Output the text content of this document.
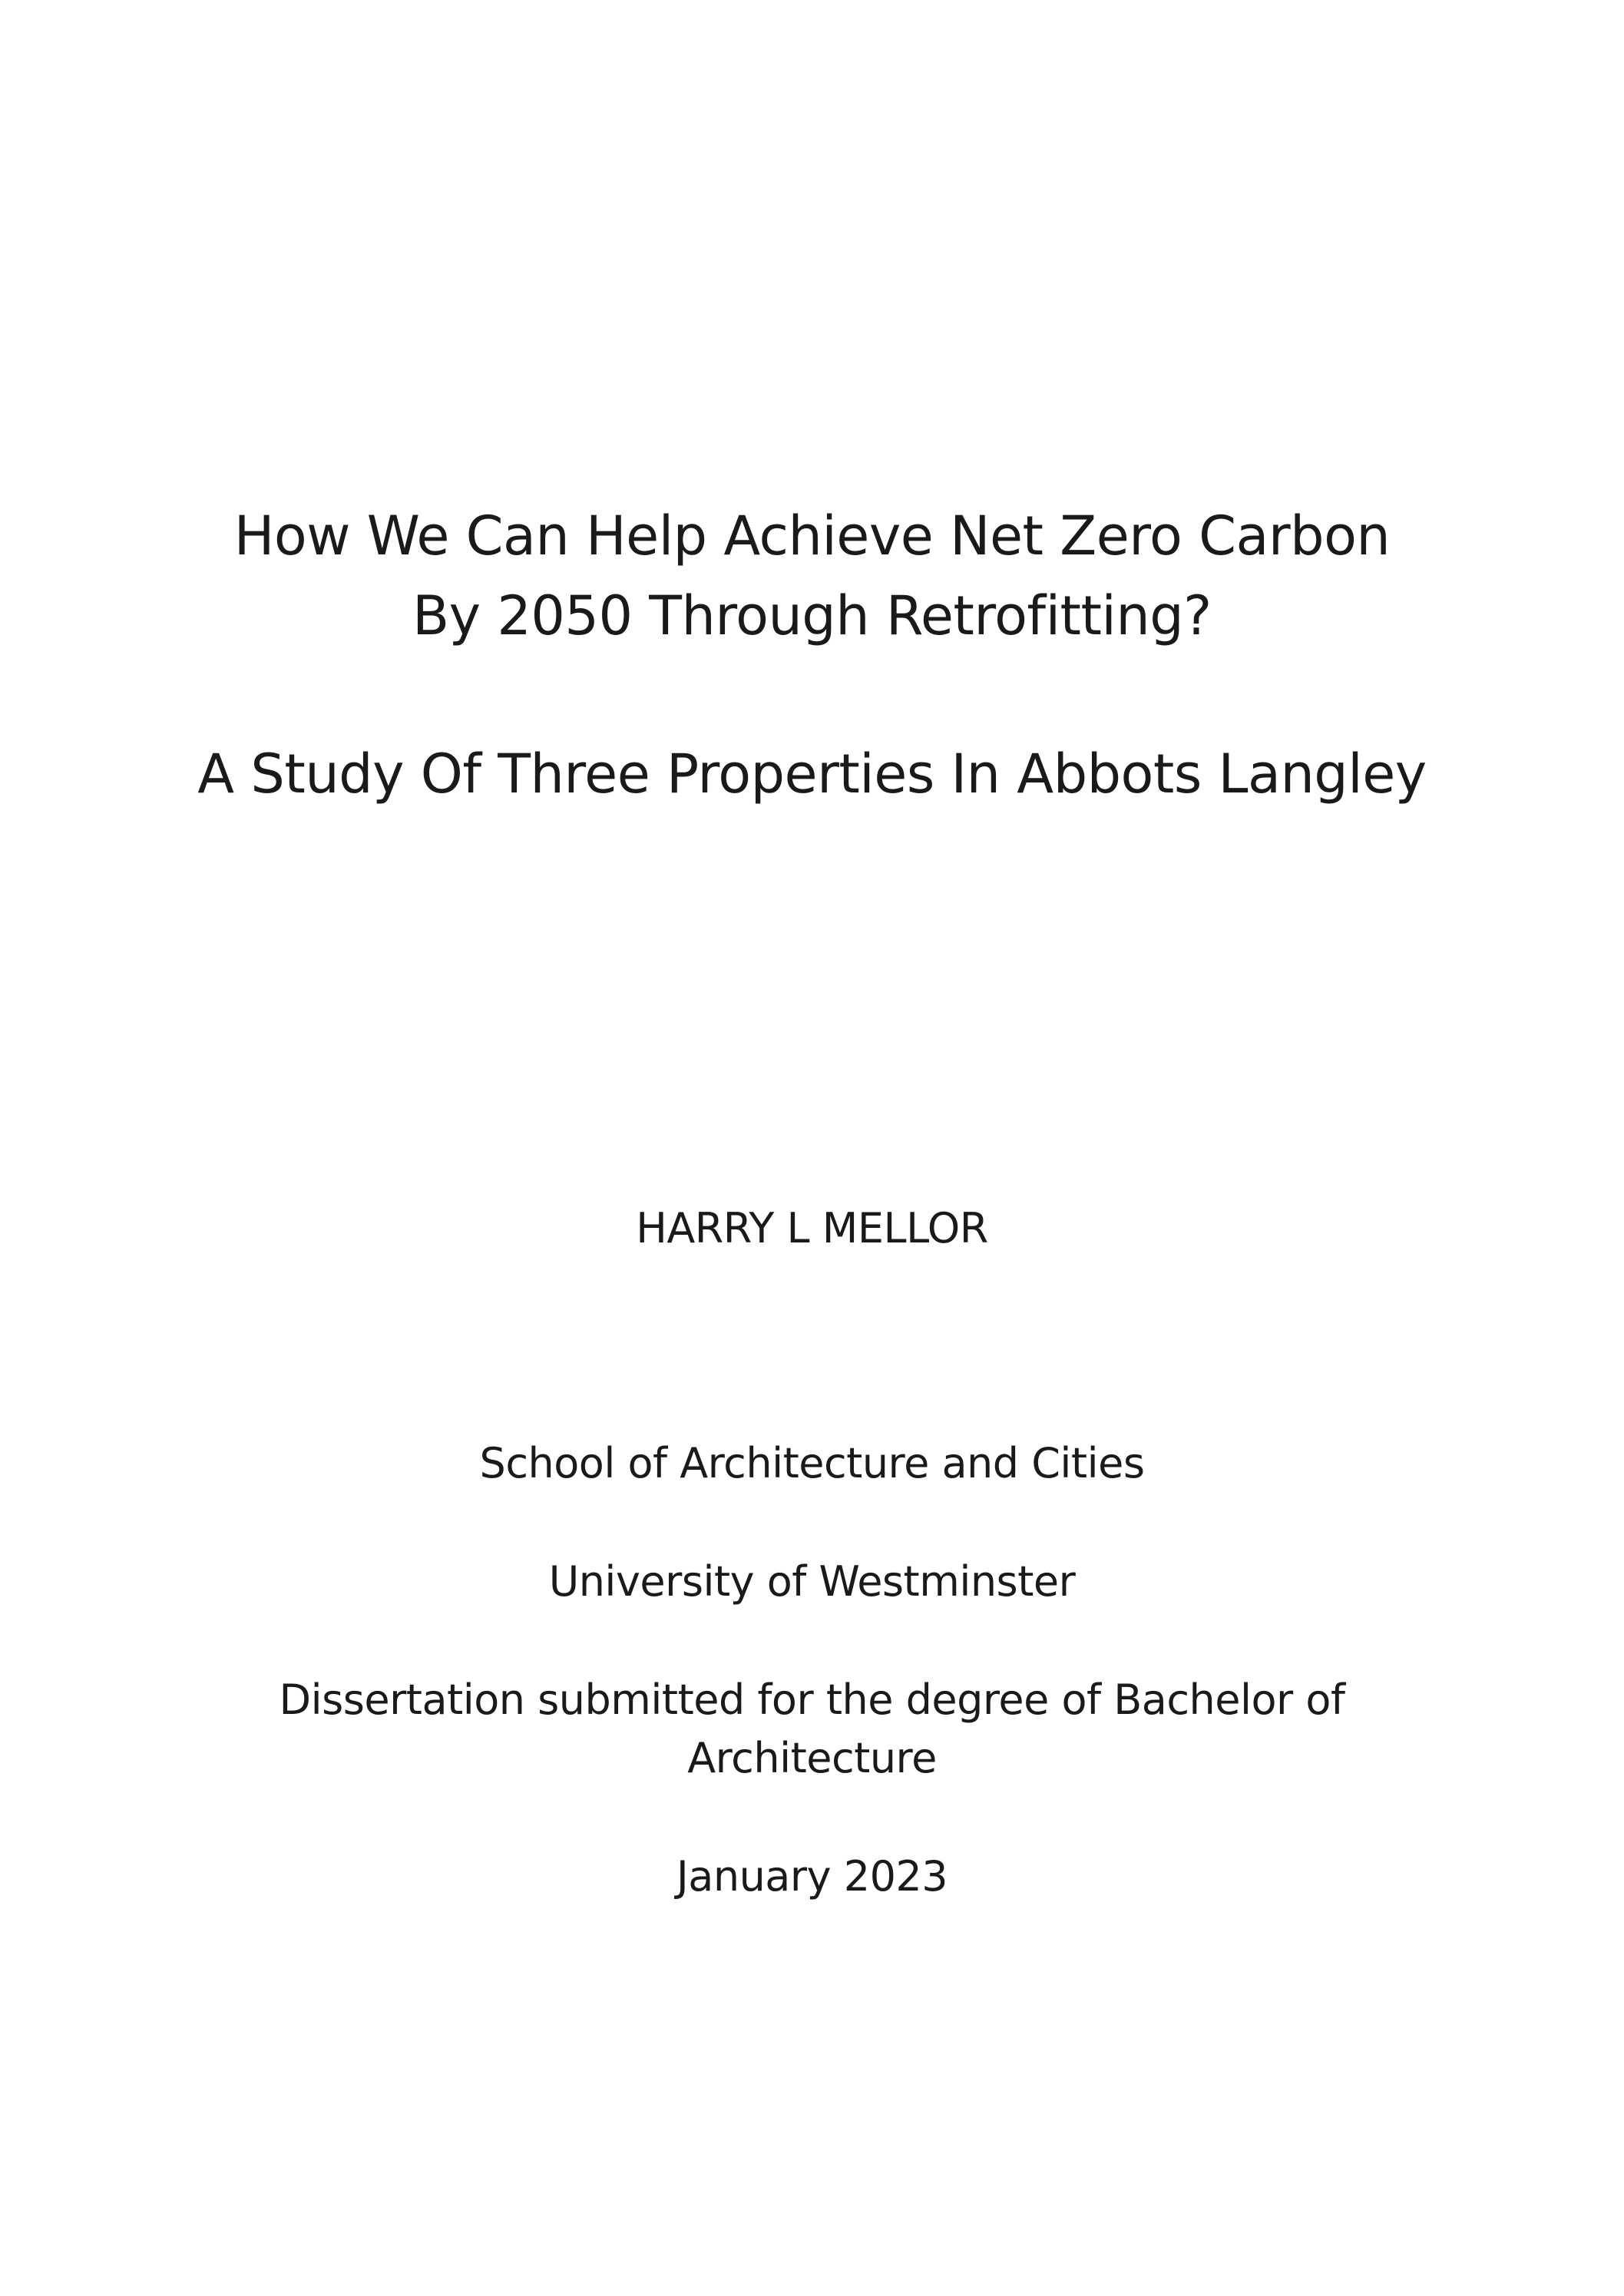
How We Can Help Achieve Net Zero Carbon
By 2050 Through Retrofitting?
A Study Of Three Properties In Abbots Langley

HARRY L MELLOR

School of Architecture and Cities

University of Westminster

Dissertation submitted for the degree of Bachelor of

Architecture

January 2023
